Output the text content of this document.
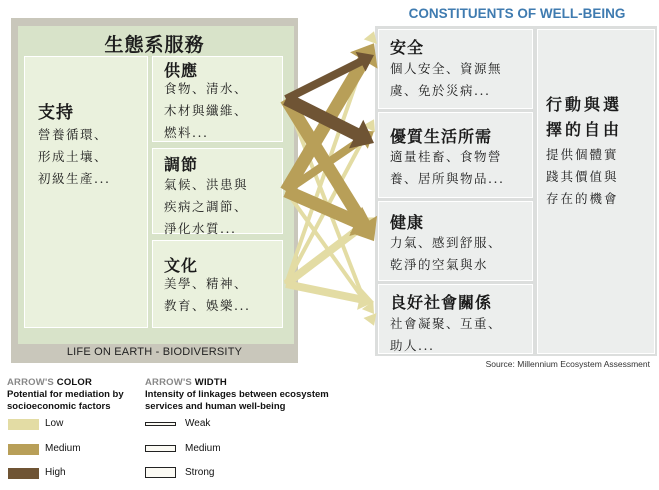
生態系服務
支持
營養循環、
形成土壤、
初級生產...
供應
食物、清水、
木材與纖維、
燃料...
調節
氣候、洪患與
疾病之調節、
淨化水質...
文化
美學、精神、
教育、娛樂...
LIFE ON EARTH - BIODIVERSITY
CONSTITUENTS OF WELL-BEING
安全
個人安全、資源無
虞、免於災病...
優質生活所需
適量桂畜、食物營
養、居所與物品...
健康
力氣、感到舒服、
乾淨的空氣與水
良好社會關係
社會凝聚、互重、
助人...
行動與選
擇的自由
提供個體實
踐其價值與
存在的機會
Source: Millennium Ecosystem Assessment
ARROW'S COLOR
Potential for mediation by
socioeconomic factors
ARROW'S WIDTH
Intensity of linkages between ecosystem
services and human well-being
Low
Medium
High
Weak
Medium
Strong
